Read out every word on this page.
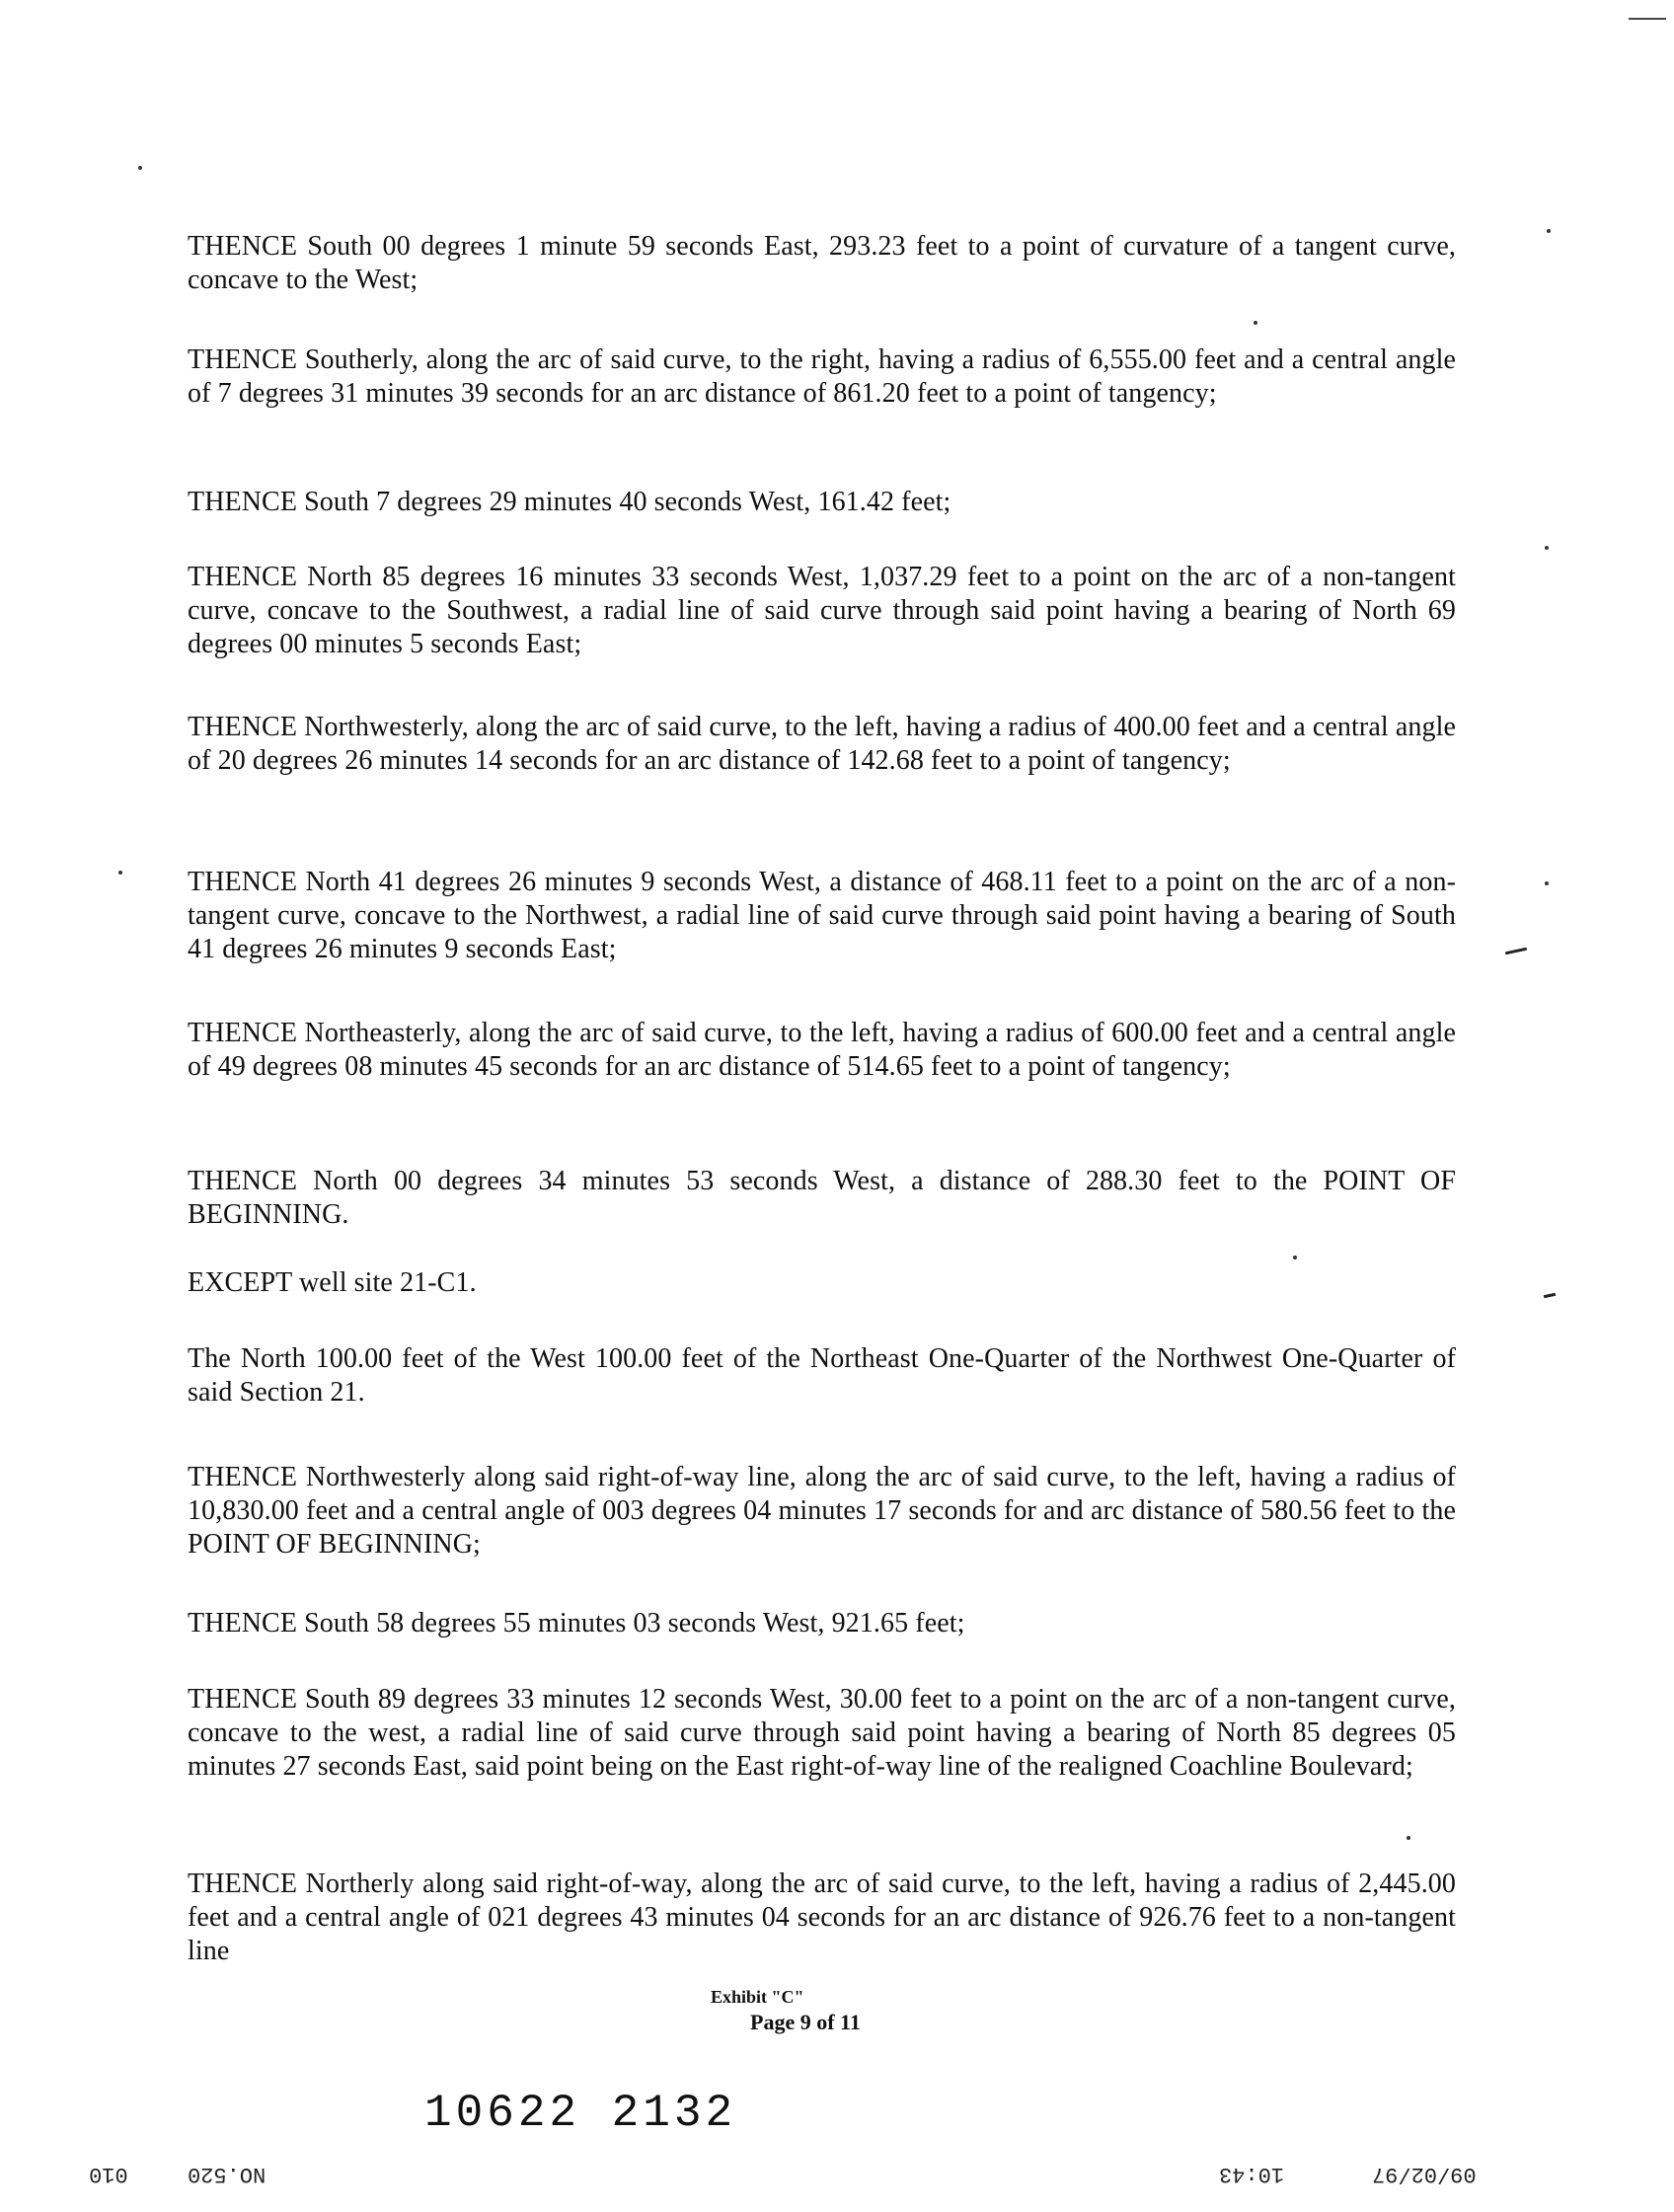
THENCE South 00 degrees 1 minute 59 seconds East, 293.23 feet to a point of curvature of a tangent curve, concave to the West;

THENCE Southerly, along the arc of said curve, to the right, having a radius of 6,555.00 feet and a central angle of 7 degrees 31 minutes 39 seconds for an arc distance of 861.20 feet to a point of tangency;

THENCE South 7 degrees 29 minutes 40 seconds West, 161.42 feet;

THENCE North 85 degrees 16 minutes 33 seconds West, 1,037.29 feet to a point on the arc of a non-tangent curve, concave to the Southwest, a radial line of said curve through said point having a bearing of North 69 degrees 00 minutes 5 seconds East;

THENCE Northwesterly, along the arc of said curve, to the left, having a radius of 400.00 feet and a central angle of 20 degrees 26 minutes 14 seconds for an arc distance of 142.68 feet to a point of tangency;

THENCE North 41 degrees 26 minutes 9 seconds West, a distance of 468.11 feet to a point on the arc of a non-tangent curve, concave to the Northwest, a radial line of said curve through said point having a bearing of South 41 degrees 26 minutes 9 seconds East;

THENCE Northeasterly, along the arc of said curve, to the left, having a radius of 600.00 feet and a central angle of 49 degrees 08 minutes 45 seconds for an arc distance of 514.65 feet to a point of tangency;

THENCE North 00 degrees 34 minutes 53 seconds West, a distance of 288.30 feet to the POINT OF BEGINNING.

EXCEPT well site 21-C1.

The North 100.00 feet of the West 100.00 feet of the Northeast One-Quarter of the Northwest One-Quarter of said Section 21.

THENCE Northwesterly along said right-of-way line, along the arc of said curve, to the left, having a radius of 10,830.00 feet and a central angle of 003 degrees 04 minutes 17 seconds for and arc distance of 580.56 feet to the POINT OF BEGINNING;

THENCE South 58 degrees 55 minutes 03 seconds West, 921.65 feet;

THENCE South 89 degrees 33 minutes 12 seconds West, 30.00 feet to a point on the arc of a non-tangent curve, concave to the west, a radial line of said curve through said point having a bearing of North 85 degrees 05 minutes 27 seconds East, said point being on the East right-of-way line of the realigned Coachline Boulevard;

THENCE Northerly along said right-of-way, along the arc of said curve, to the left, having a radius of 2,445.00 feet and a central angle of 021 degrees 43 minutes 04 seconds for an arc distance of 926.76 feet to a non-tangent line

Exhibit "C"
Page 9 of 11
10622 2132
010	NO.520	10:43	09/02/97
